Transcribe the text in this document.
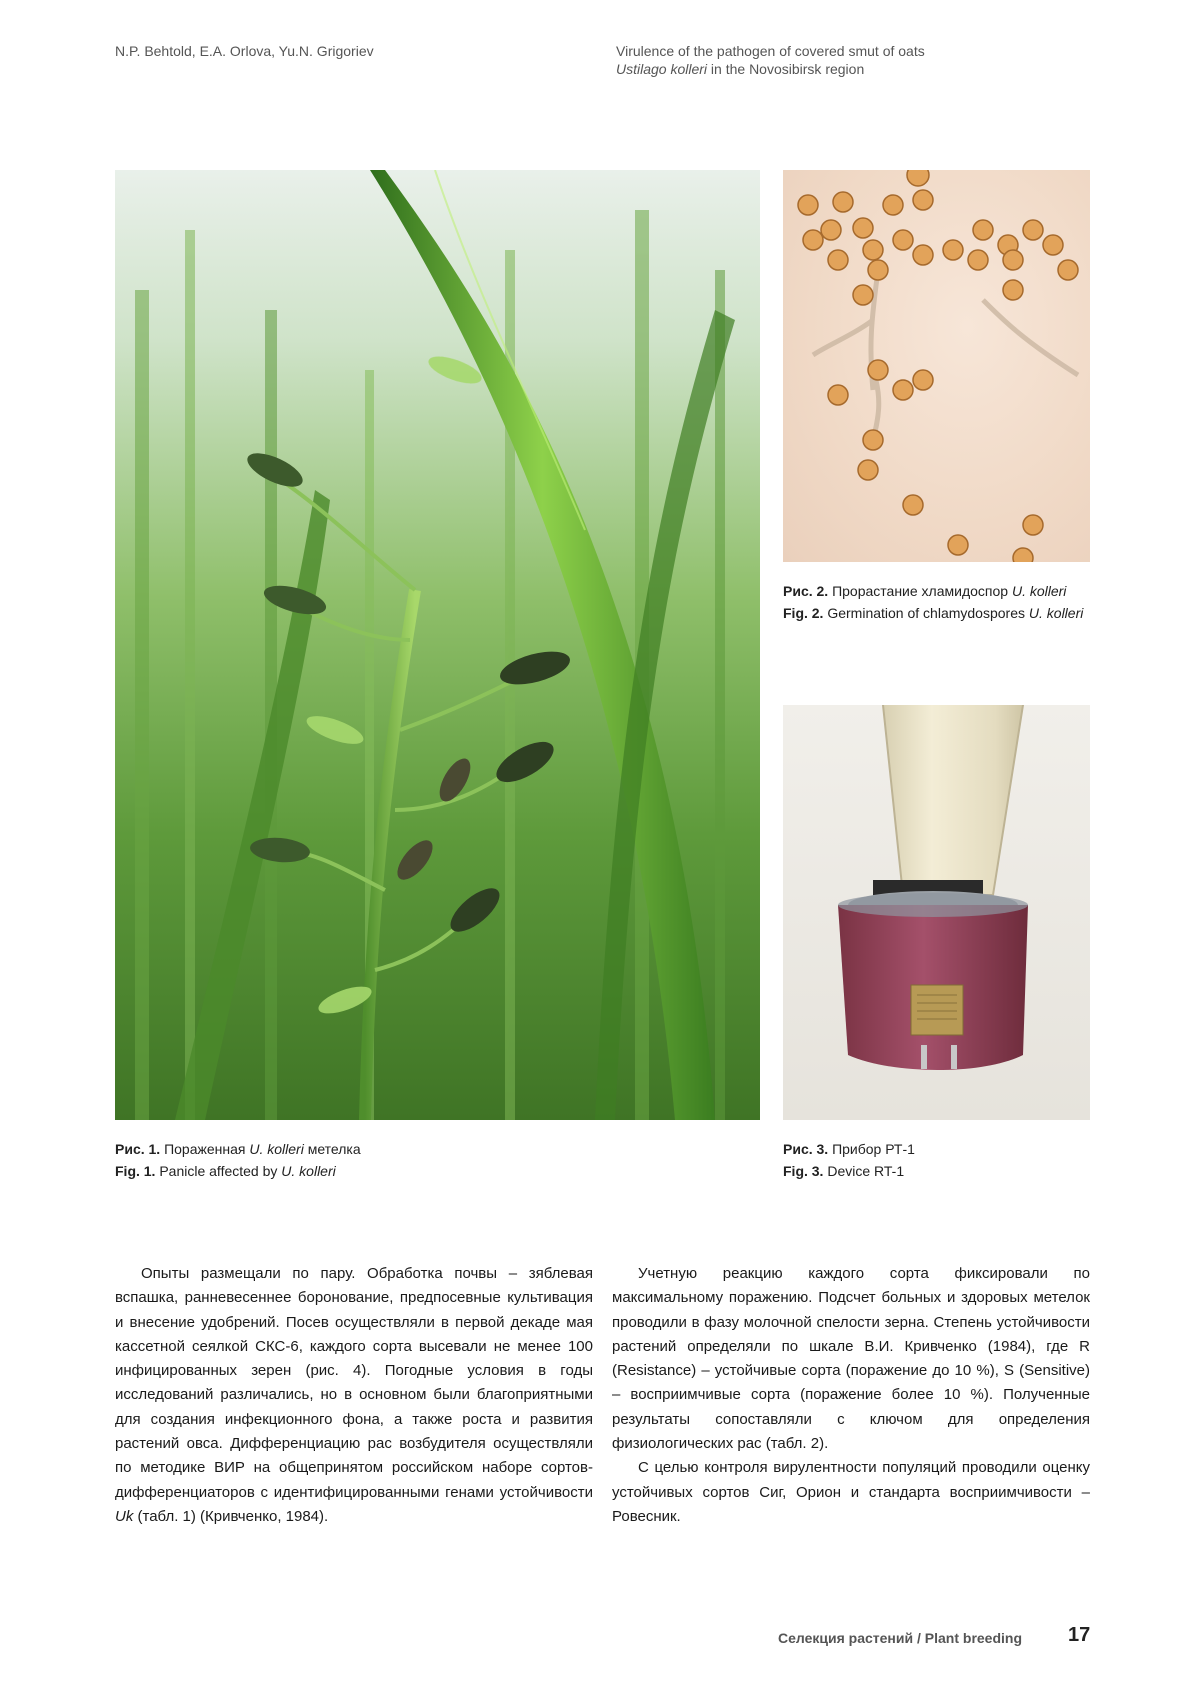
N.P. Behtold, E.A. Orlova, Yu.N. Grigoriev	Virulence of the pathogen of covered smut of oats
Ustilago kolleri in the Novosibirsk region
Рис. 2. Прорастание хламидоспор U. kolleri
Fig. 2. Germination of chlamydospores U. kolleri
Рис. 1. Пораженная U. kolleri метелка
Fig. 1. Panicle affected by U. kolleri
Рис. 3. Прибор РТ-1
Fig. 3. Device RT-1

Опыты размещали по пару. Обработка почвы – зяблевая вспашка, ранневесеннее боронование, предпосевные культивация и внесение удобрений. Посев осуществляли в первой декаде мая кассетной сеялкой СКС-6, каждого сорта высевали не менее 100 инфицированных зерен (рис. 4). Погодные условия в годы исследований различались, но в основном были благоприятными для создания инфекционного фона, а также роста и развития растений овса. Дифференциацию рас возбудителя осуществляли по методике ВИР на общепринятом российском наборе сортов-дифференциаторов с идентифицированными генами устойчивости Uk (табл. 1) (Кривченко, 1984).

Учетную реакцию каждого сорта фиксировали по максимальному поражению. Подсчет больных и здоровых метелок проводили в фазу молочной спелости зерна. Степень устойчивости растений определяли по шкале В.И. Кривченко (1984), где R (Resistance) – устойчивые сорта (поражение до 10 %), S (Sensitive) – восприимчивые сорта (поражение более 10 %). Полученные результаты сопоставляли с ключом для определения физиологических рас (табл. 2).

С целью контроля вирулентности популяций проводили оценку устойчивых сортов Сиг, Орион и стандарта восприимчивости – Ровесник.

Селекция растений / Plant breeding 17
